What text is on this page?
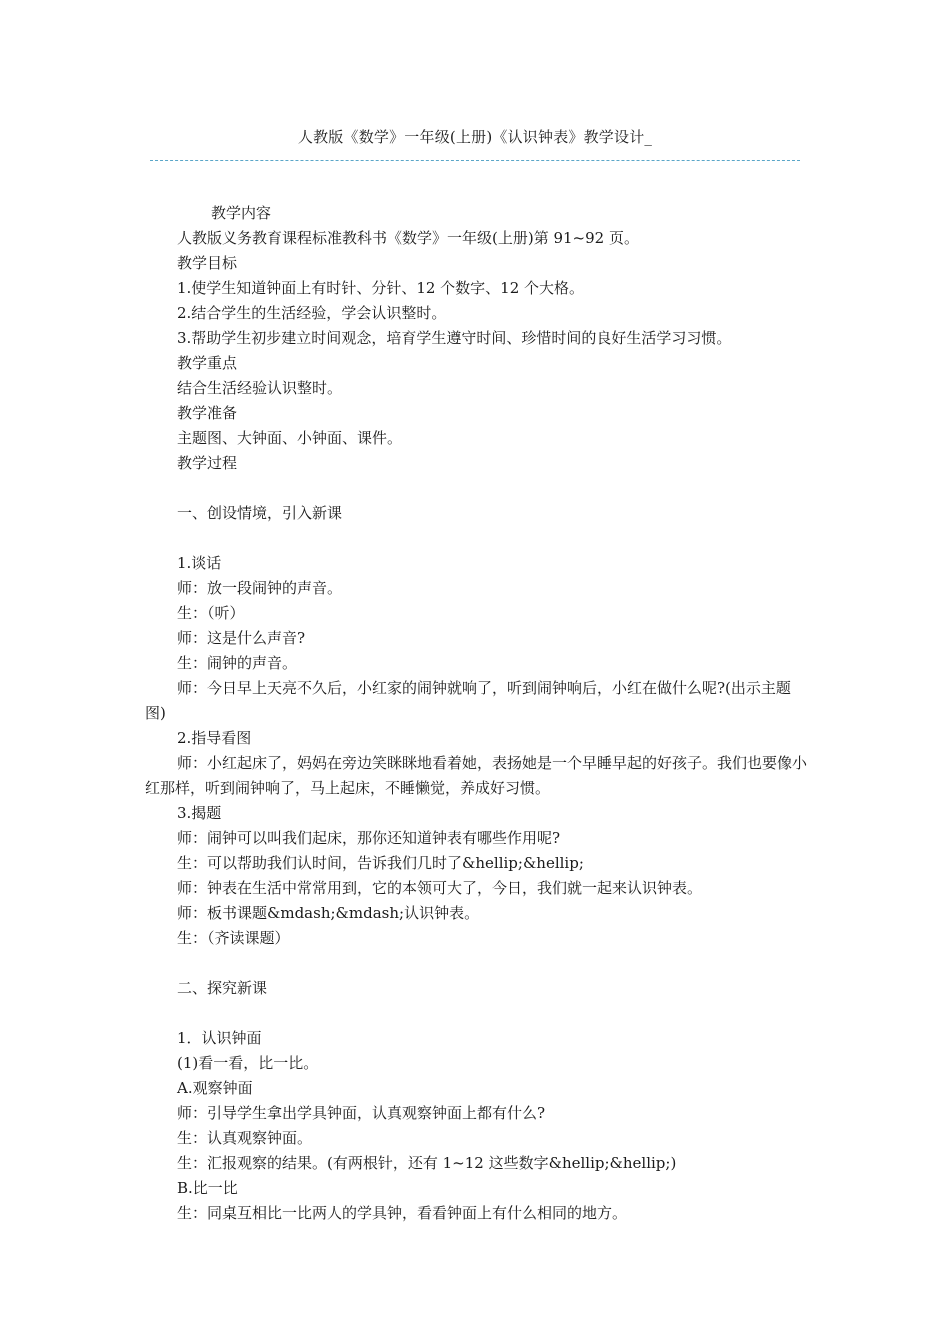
人教版《数学》一年级(上册)《认识钟表》教学设计_
教学内容
人教版义务教育课程标准教科书《数学》一年级(上册)第 91~92 页。
教学目标
1.使学生知道钟面上有时针、分针、12 个数字、12 个大格。
2.结合学生的生活经验，学会认识整时。
3.帮助学生初步建立时间观念，培育学生遵守时间、珍惜时间的良好生活学习习惯。
教学重点
结合生活经验认识整时。
教学准备
主题图、大钟面、小钟面、课件。
教学过程
一、创设情境，引入新课
1.谈话
师：放一段闹钟的声音。
生：（听）
师：这是什么声音?
生：闹钟的声音。
师：今日早上天亮不久后，小红家的闹钟就响了，听到闹钟响后，小红在做什么呢?(出示主题图)
2.指导看图
师：小红起床了，妈妈在旁边笑眯眯地看着她，表扬她是一个早睡早起的好孩子。我们也要像小红那样，听到闹钟响了，马上起床，不睡懒觉，养成好习惯。
3.揭题
师：闹钟可以叫我们起床，那你还知道钟表有哪些作用呢?
生：可以帮助我们认时间，告诉我们几时了&hellip;&hellip;
师：钟表在生活中常常用到，它的本领可大了，今日，我们就一起来认识钟表。
师：板书课题&mdash;&mdash;认识钟表。
生：（齐读课题）
二、探究新课
1．认识钟面
(1)看一看，比一比。
A.观察钟面
师：引导学生拿出学具钟面，认真观察钟面上都有什么?
生：认真观察钟面。
生：汇报观察的结果。(有两根针，还有 1~12 这些数字&hellip;&hellip;)
B.比一比
生：同桌互相比一比两人的学具钟，看看钟面上有什么相同的地方。
